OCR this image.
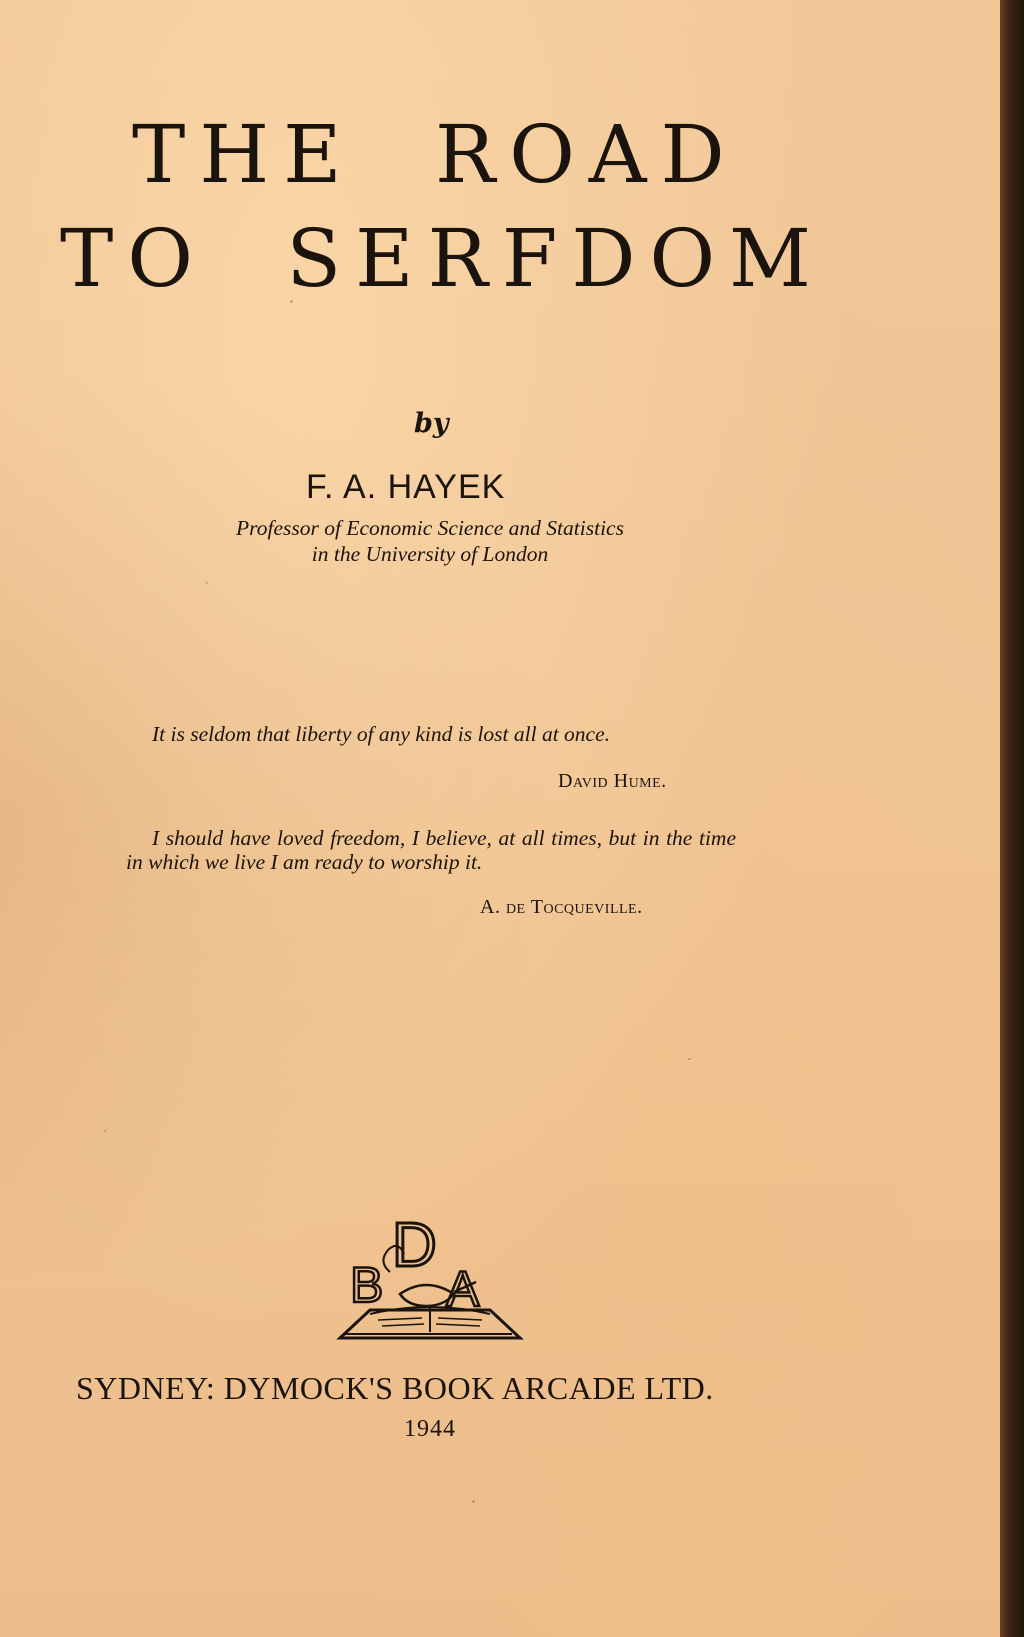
THE ROAD
TO SERFDOM
by
F. A. HAYEK
Professor of Economic Science and Statistics
in the University of London
It is seldom that liberty of any kind is lost all at once.
David Hume.
I should have loved freedom, I believe, at all times, but in the time in which we live I am ready to worship it.
A. de Tocqueville.
D
B A
SYDNEY: DYMOCK'S BOOK ARCADE LTD.
1944
